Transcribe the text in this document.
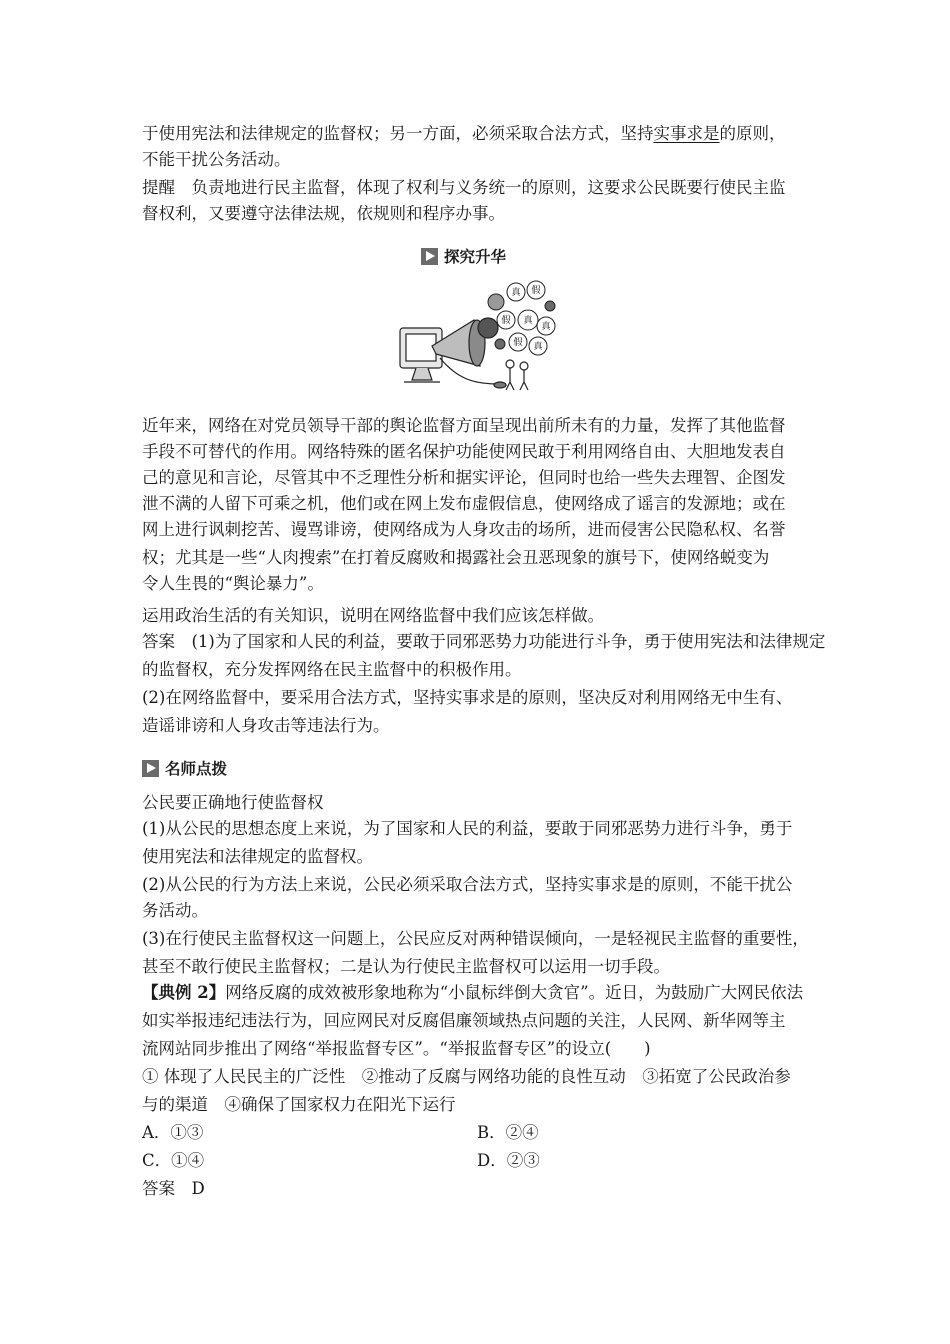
于使用宪法和法律规定的监督权；另一方面，必须采取合法方式，坚持实事求是的原则，
不能干扰公务活动。
提醒　负责地进行民主监督，体现了权利与义务统一的原则，这要求公民既要行使民主监
督权利，又要遵守法律法规，依规则和程序办事。
探究升华
真 假
假 真
真
假 真
近年来，网络在对党员领导干部的舆论监督方面呈现出前所未有的力量，发挥了其他监督
手段不可替代的作用。网络特殊的匿名保护功能使网民敢于利用网络自由、大胆地发表自
己的意见和言论，尽管其中不乏理性分析和据实评论，但同时也给一些失去理智、企图发
泄不满的人留下可乘之机，他们或在网上发布虚假信息，使网络成了谣言的发源地；或在
网上进行讽刺挖苦、谩骂诽谤，使网络成为人身攻击的场所，进而侵害公民隐私权、名誉
权；尤其是一些“人肉搜索”在打着反腐败和揭露社会丑恶现象的旗号下，使网络蜕变为
令人生畏的“舆论暴力”。
运用政治生活的有关知识，说明在网络监督中我们应该怎样做。
答案　(1)为了国家和人民的利益，要敢于同邪恶势力功能进行斗争，勇于使用宪法和法律规定
的监督权，充分发挥网络在民主监督中的积极作用。
(2)在网络监督中，要采用合法方式，坚持实事求是的原则，坚决反对利用网络无中生有、
造谣诽谤和人身攻击等违法行为。
名师点拨
公民要正确地行使监督权
(1)从公民的思想态度上来说，为了国家和人民的利益，要敢于同邪恶势力进行斗争，勇于
使用宪法和法律规定的监督权。
(2)从公民的行为方法上来说，公民必须采取合法方式，坚持实事求是的原则，不能干扰公
务活动。
(3)在行使民主监督权这一问题上，公民应反对两种错误倾向，一是轻视民主监督的重要性，
甚至不敢行使民主监督权；二是认为行使民主监督权可以运用一切手段。
【典例 2】网络反腐的成效被形象地称为“小鼠标绊倒大贪官”。近日，为鼓励广大网民依法
如实举报违纪违法行为，回应网民对反腐倡廉领域热点问题的关注，人民网、新华网等主
流网站同步推出了网络“举报监督专区”。“举报监督专区”的设立(　　)
① 体现了人民民主的广泛性　②推动了反腐与网络功能的良性互动　③拓宽了公民政治参
与的渠道　④确保了国家权力在阳光下运行
A．①③	B．②④
C．①④	D．②③
答案　D
